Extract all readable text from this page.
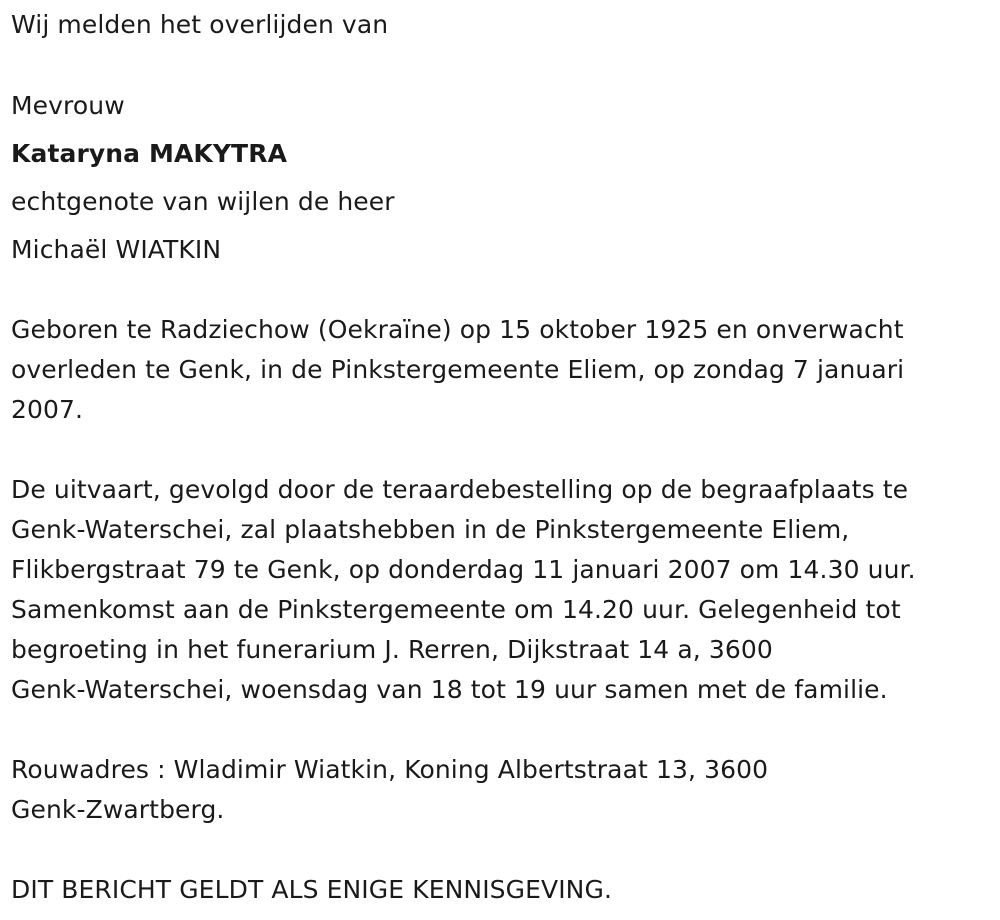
Wij melden het overlijden van
Mevrouw
Kataryna MAKYTRA
echtgenote van wijlen de heer
Michaël WIATKIN
Geboren te Radziechow (Oekraïne) op 15 oktober 1925 en onverwacht
overleden te Genk, in de Pinkstergemeente Eliem, op zondag 7 januari
2007.
De uitvaart, gevolgd door de teraardebestelling op de begraafplaats te
Genk-Waterschei, zal plaatshebben in de Pinkstergemeente Eliem,
Flikbergstraat 79 te Genk, op donderdag 11 januari 2007 om 14.30 uur.
Samenkomst aan de Pinkstergemeente om 14.20 uur. Gelegenheid tot
begroeting in het funerarium J. Rerren, Dijkstraat 14 a, 3600
Genk-Waterschei, woensdag van 18 tot 19 uur samen met de familie.
Rouwadres : Wladimir Wiatkin, Koning Albertstraat 13, 3600
Genk-Zwartberg.
DIT BERICHT GELDT ALS ENIGE KENNISGEVING.
